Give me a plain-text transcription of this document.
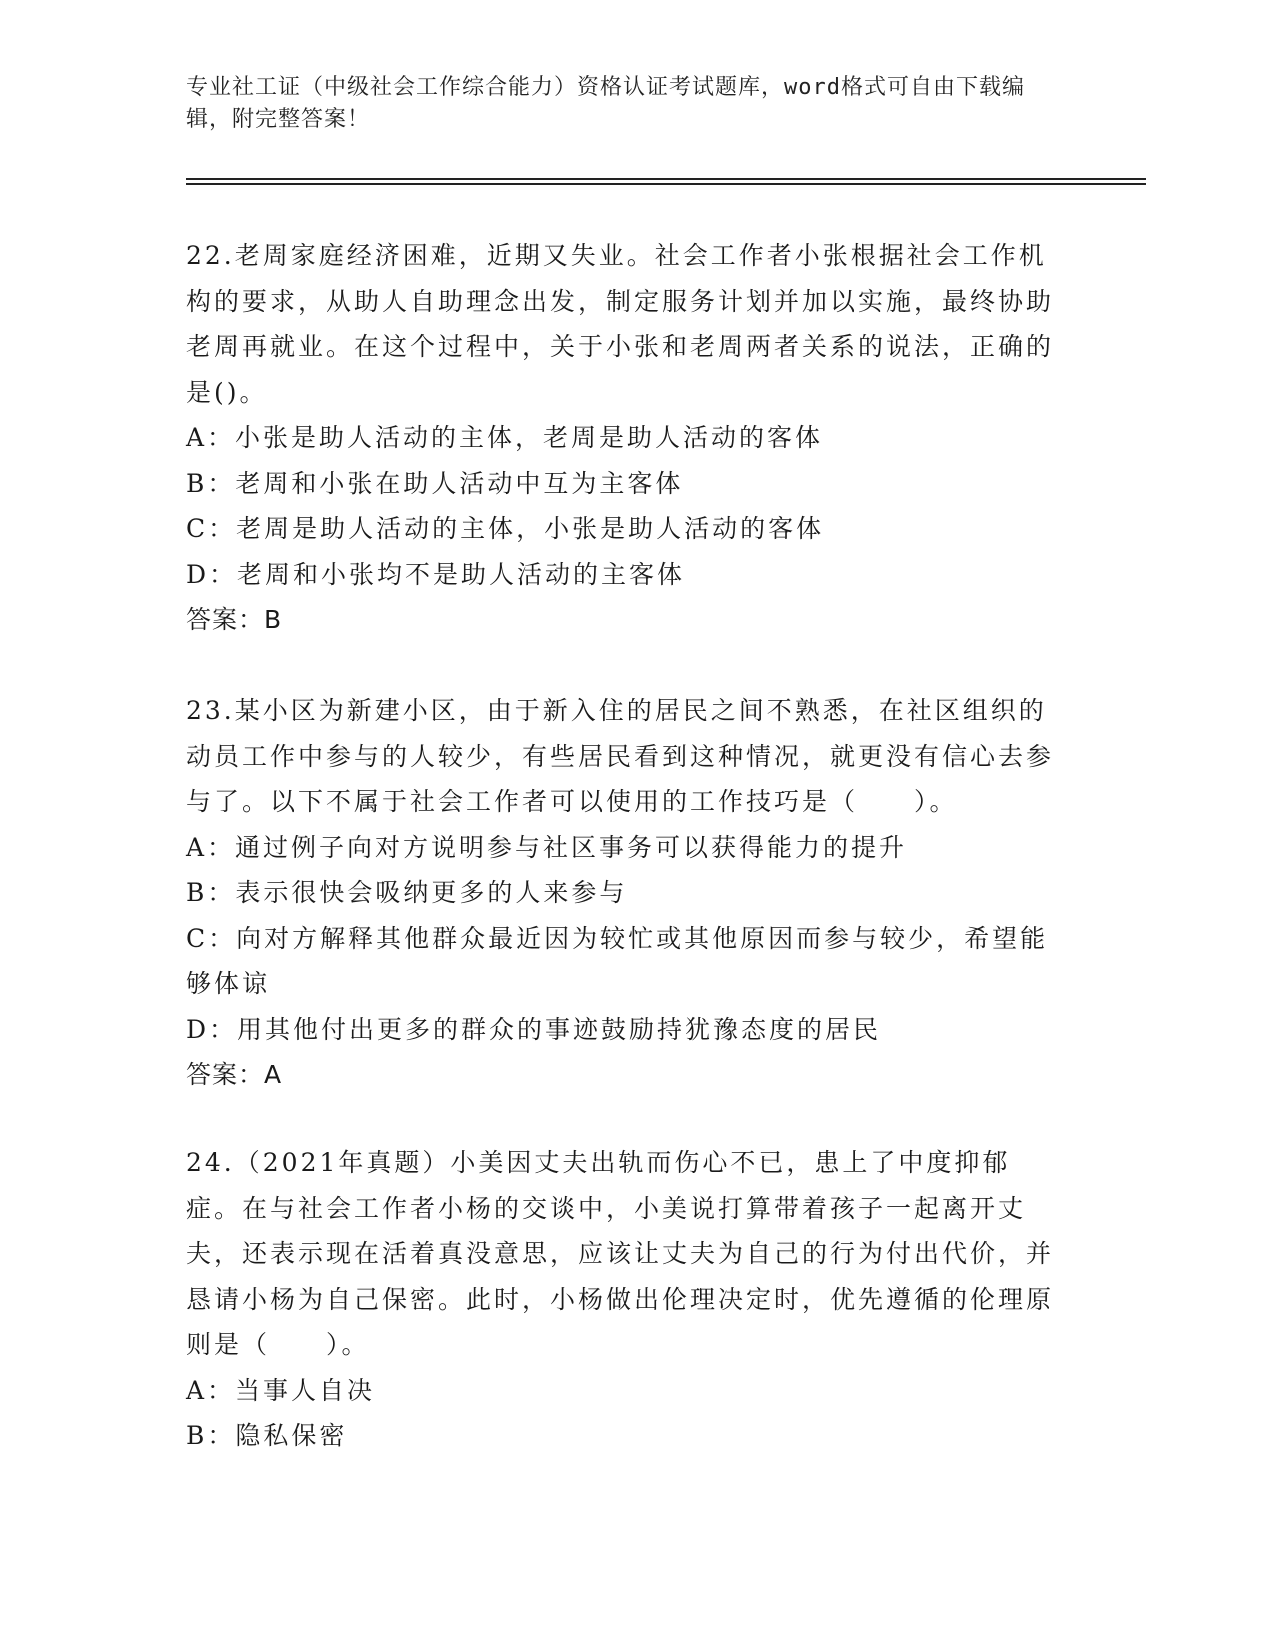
专业社工证（中级社会工作综合能力）资格认证考试题库，word格式可自由下载编辑，附完整答案！
22.老周家庭经济困难，近期又失业。社会工作者小张根据社会工作机构的要求，从助人自助理念出发，制定服务计划并加以实施，最终协助老周再就业。在这个过程中，关于小张和老周两者关系的说法，正确的是()。
A：小张是助人活动的主体，老周是助人活动的客体
B：老周和小张在助人活动中互为主客体
C：老周是助人活动的主体，小张是助人活动的客体
D：老周和小张均不是助人活动的主客体
答案：B
23.某小区为新建小区，由于新入住的居民之间不熟悉，在社区组织的动员工作中参与的人较少，有些居民看到这种情况，就更没有信心去参与了。以下不属于社会工作者可以使用的工作技巧是（　　）。
A：通过例子向对方说明参与社区事务可以获得能力的提升
B：表示很快会吸纳更多的人来参与
C：向对方解释其他群众最近因为较忙或其他原因而参与较少，希望能够体谅
D：用其他付出更多的群众的事迹鼓励持犹豫态度的居民
答案：A
24.（2021年真题）小美因丈夫出轨而伤心不已，患上了中度抑郁症。在与社会工作者小杨的交谈中，小美说打算带着孩子一起离开丈夫，还表示现在活着真没意思，应该让丈夫为自己的行为付出代价，并恳请小杨为自己保密。此时，小杨做出伦理决定时，优先遵循的伦理原则是（　　）。
A：当事人自决
B：隐私保密
